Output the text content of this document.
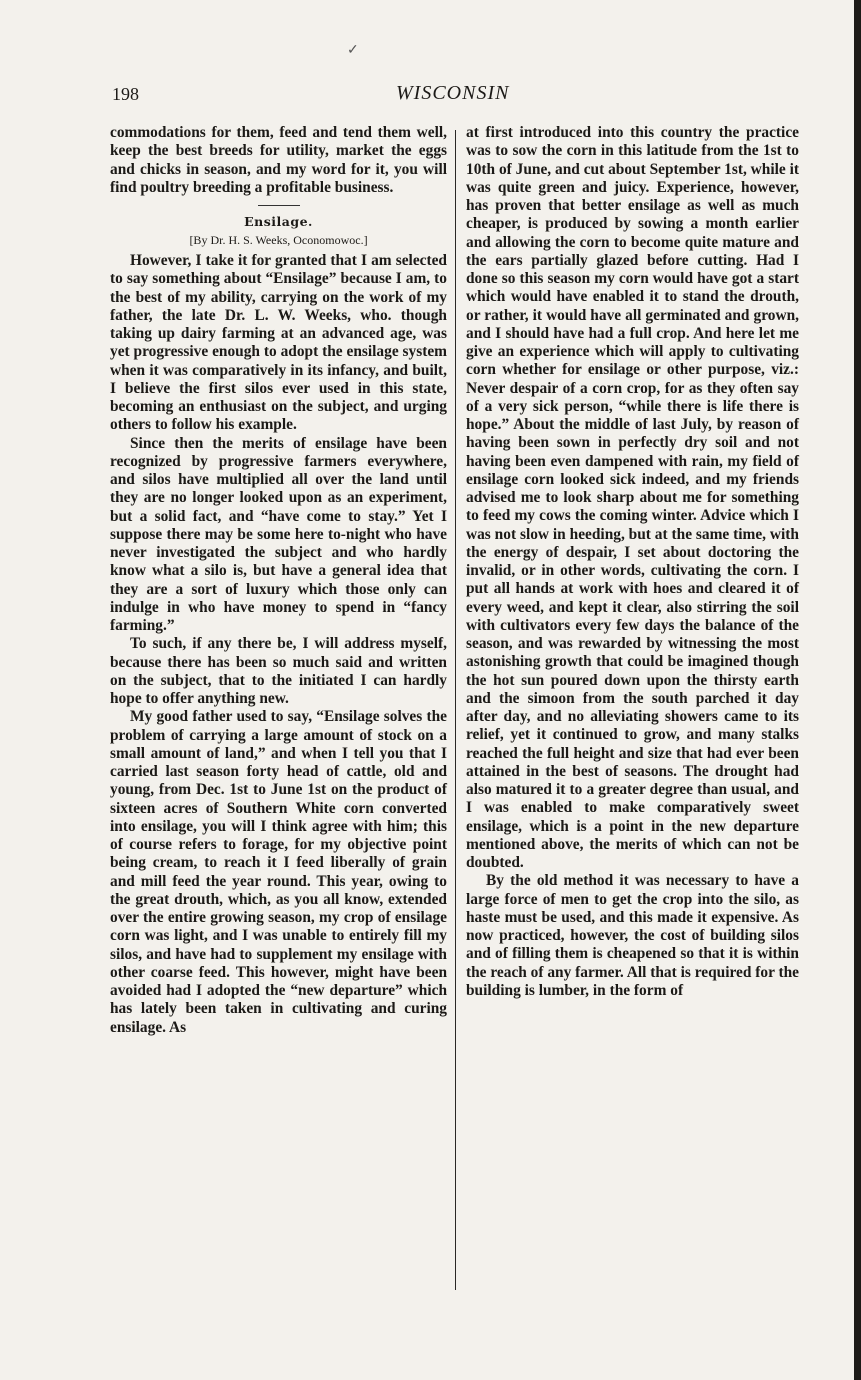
✓
198	WISCONSIN

commodations for them, feed and tend them well, keep the best breeds for utility, market the eggs and chicks in season, and my word for it, you will find poultry breeding a profitable business.

Ensilage.
[By Dr. H. S. Weeks, Oconomowoc.]

However, I take it for granted that I am selected to say something about “Ensilage” because I am, to the best of my ability, carrying on the work of my father, the late Dr. L. W. Weeks, who. though taking up dairy farming at an advanced age, was yet progressive enough to adopt the ensilage system when it was comparatively in its infancy, and built, I believe the first silos ever used in this state, becoming an enthusiast on the subject, and urging others to follow his example.

Since then the merits of ensilage have been recognized by progressive farmers everywhere, and silos have multiplied all over the land until they are no longer looked upon as an experiment, but a solid fact, and “have come to stay.” Yet I suppose there may be some here to-night who have never investigated the subject and who hardly know what a silo is, but have a general idea that they are a sort of luxury which those only can indulge in who have money to spend in “fancy farming.”

To such, if any there be, I will address myself, because there has been so much said and written on the subject, that to the initiated I can hardly hope to offer anything new.

My good father used to say, “Ensilage solves the problem of carrying a large amount of stock on a small amount of land,” and when I tell you that I carried last season forty head of cattle, old and young, from Dec. 1st to June 1st on the product of sixteen acres of Southern White corn converted into ensilage, you will I think agree with him; this of course refers to forage, for my objective point being cream, to reach it I feed liberally of grain and mill feed the year round. This year, owing to the great drouth, which, as you all know, extended over the entire growing season, my crop of ensilage corn was light, and I was unable to entirely fill my silos, and have had to supplement my ensilage with other coarse feed. This however, might have been avoided had I adopted the “new departure” which has lately been taken in cultivating and curing ensilage. As

at first introduced into this country the practice was to sow the corn in this latitude from the 1st to 10th of June, and cut about September 1st, while it was quite green and juicy. Experience, however, has proven that better ensilage as well as much cheaper, is produced by sowing a month earlier and allowing the corn to become quite mature and the ears partially glazed before cutting. Had I done so this season my corn would have got a start which would have enabled it to stand the drouth, or rather, it would have all germinated and grown, and I should have had a full crop. And here let me give an experience which will apply to cultivating corn whether for ensilage or other purpose, viz.: Never despair of a corn crop, for as they often say of a very sick person, “while there is life there is hope.” About the middle of last July, by reason of having been sown in perfectly dry soil and not having been even dampened with rain, my field of ensilage corn looked sick indeed, and my friends advised me to look sharp about me for something to feed my cows the coming winter. Advice which I was not slow in heeding, but at the same time, with the energy of despair, I set about doctoring the invalid, or in other words, cultivating the corn. I put all hands at work with hoes and cleared it of every weed, and kept it clear, also stirring the soil with cultivators every few days the balance of the season, and was rewarded by witnessing the most astonishing growth that could be imagined though the hot sun poured down upon the thirsty earth and the simoon from the south parched it day after day, and no alleviating showers came to its relief, yet it continued to grow, and many stalks reached the full height and size that had ever been attained in the best of seasons. The drought had also matured it to a greater degree than usual, and I was enabled to make comparatively sweet ensilage, which is a point in the new departure mentioned above, the merits of which can not be doubted.

By the old method it was necessary to have a large force of men to get the crop into the silo, as haste must be used, and this made it expensive. As now practiced, however, the cost of building silos and of filling them is cheapened so that it is within the reach of any farmer. All that is required for the building is lumber, in the form of
